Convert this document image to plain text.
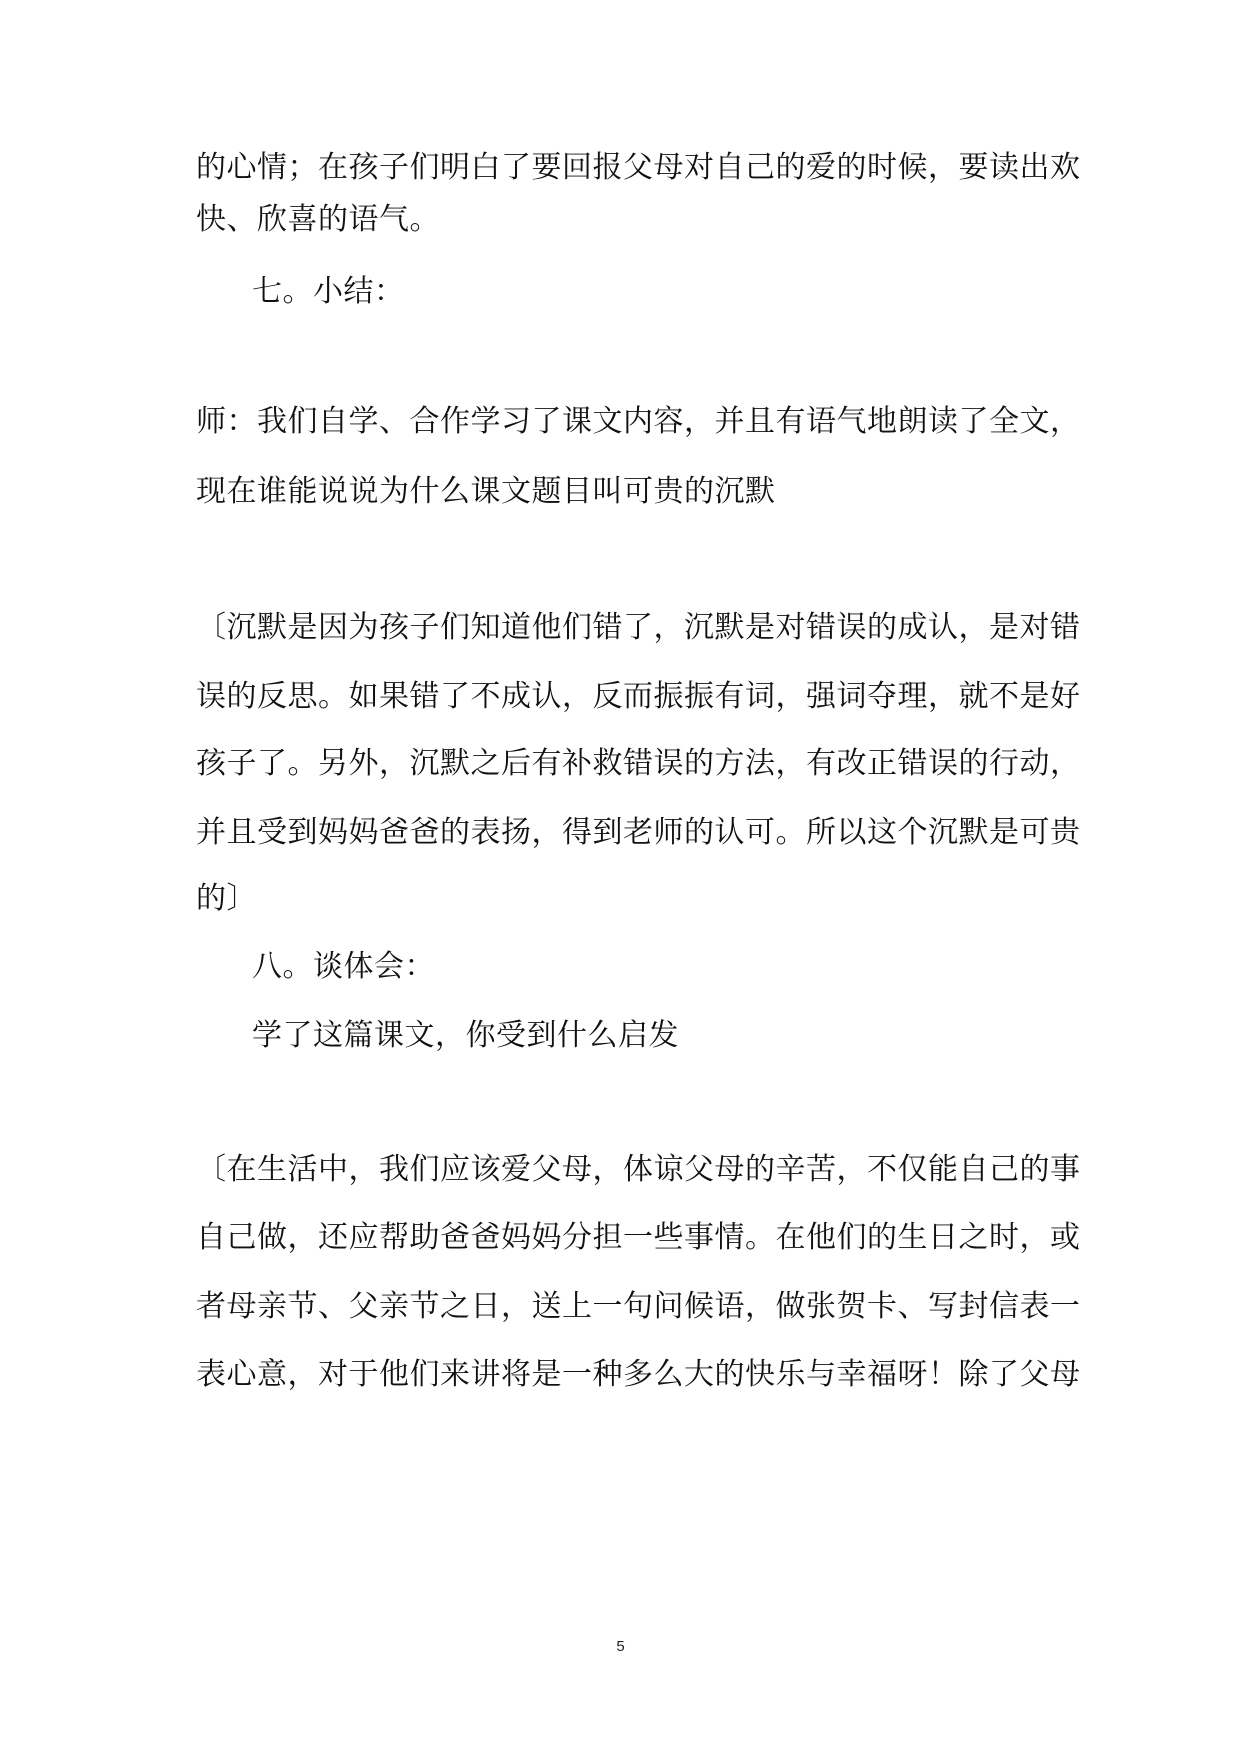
的心情；在孩子们明白了要回报父母对自己的爱的时候，要读出欢
快、欣喜的语气。
七。小结：
师：我们自学、合作学习了课文内容，并且有语气地朗读了全文，
现在谁能说说为什么课文题目叫可贵的沉默
〔沉默是因为孩子们知道他们错了，沉默是对错误的成认，是对错
误的反思。如果错了不成认，反而振振有词，强词夺理，就不是好
孩子了。另外，沉默之后有补救错误的方法，有改正错误的行动，
并且受到妈妈爸爸的表扬，得到老师的认可。所以这个沉默是可贵
的〕
八。谈体会：
学了这篇课文，你受到什么启发
〔在生活中，我们应该爱父母，体谅父母的辛苦，不仅能自己的事
自己做，还应帮助爸爸妈妈分担一些事情。在他们的生日之时，或
者母亲节、父亲节之日，送上一句问候语，做张贺卡、写封信表一
表心意，对于他们来讲将是一种多么大的快乐与幸福呀！除了父母
5
